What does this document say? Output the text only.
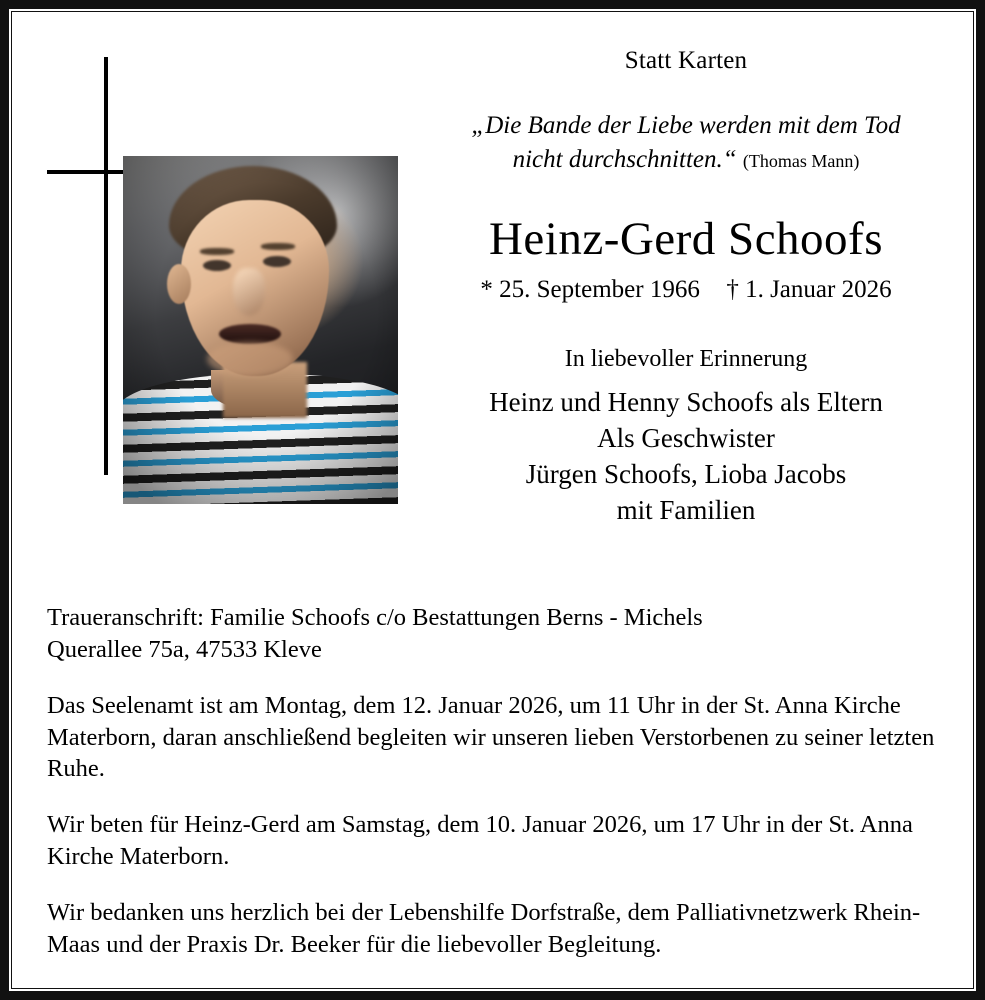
Statt Karten
„Die Bande der Liebe werden mit dem Tod
nicht durchschnitten.“ (Thomas Mann)
Heinz-Gerd Schoofs
* 25. September 1966 † 1. Januar 2026
In liebevoller Erinnerung
Heinz und Henny Schoofs als Eltern
Als Geschwister
Jürgen Schoofs, Lioba Jacobs
mit Familien

Traueranschrift: Familie Schoofs c/o Bestattungen Berns - Michels

Querallee 75a, 47533 Kleve

Das Seelenamt ist am Montag, dem 12. Januar 2026, um 11 Uhr in der St. Anna Kirche Materborn, daran anschließend begleiten wir unseren lieben Verstorbenen zu seiner letzten Ruhe.

Wir beten für Heinz-Gerd am Samstag, dem 10. Januar 2026, um 17 Uhr in der St. Anna Kirche Materborn.

Wir bedanken uns herzlich bei der Lebenshilfe Dorfstraße, dem Palliativnetzwerk Rhein-Maas und der Praxis Dr. Beeker für die liebevoller Begleitung.
